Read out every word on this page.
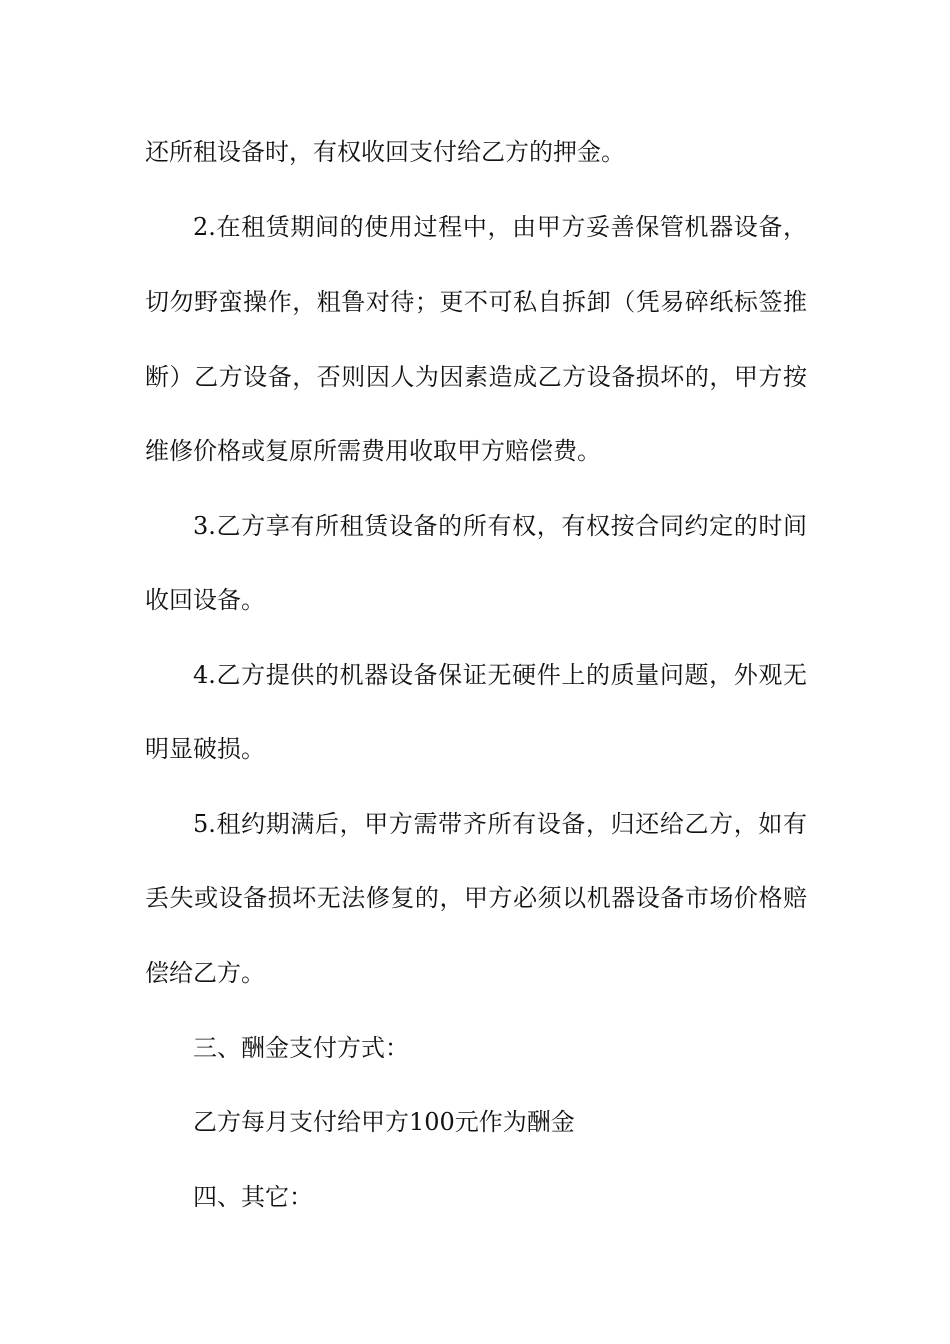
还所租设备时，有权收回支付给乙方的押金。
2.在租赁期间的使用过程中，由甲方妥善保管机器设备，
切勿野蛮操作，粗鲁对待；更不可私自拆卸（凭易碎纸标签推
断）乙方设备，否则因人为因素造成乙方设备损坏的，甲方按
维修价格或复原所需费用收取甲方赔偿费。
3.乙方享有所租赁设备的所有权，有权按合同约定的时间
收回设备。
4.乙方提供的机器设备保证无硬件上的质量问题，外观无
明显破损。
5.租约期满后，甲方需带齐所有设备，归还给乙方，如有
丢失或设备损坏无法修复的，甲方必须以机器设备市场价格赔
偿给乙方。
三、酬金支付方式：
乙方每月支付给甲方100元作为酬金
四、其它：
